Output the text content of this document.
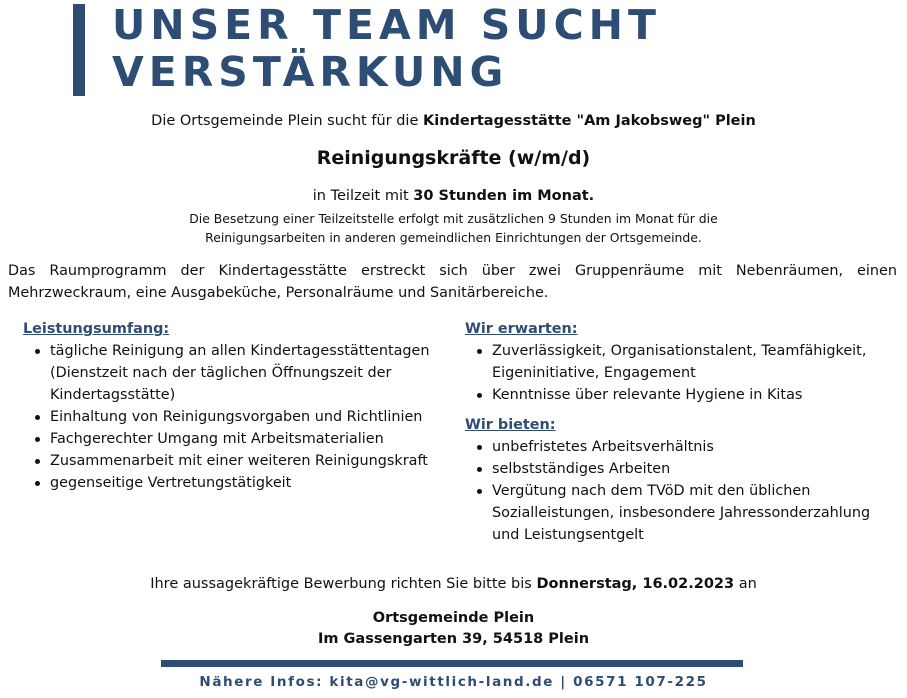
UNSER TEAM SUCHT
VERSTÄRKUNG
Die Ortsgemeinde Plein sucht für die Kindertagesstätte "Am Jakobsweg" Plein
Reinigungskräfte (w/m/d)
in Teilzeit mit 30 Stunden im Monat.
Die Besetzung einer Teilzeitstelle erfolgt mit zusätzlichen 9 Stunden im Monat für die
Reinigungsarbeiten in anderen gemeindlichen Einrichtungen der Ortsgemeinde.

Das Raumprogramm der Kindertagesstätte erstreckt sich über zwei Gruppenräume mit Nebenräumen, einen Mehrzweckraum, eine Ausgabeküche, Personalräume und Sanitärbereiche.

Leistungsumfang:
tägliche Reinigung an allen Kindertagesstättentagen (Dienstzeit nach der täglichen Öffnungszeit der Kindertagsstätte)
Einhaltung von Reinigungsvorgaben und Richtlinien
Fachgerechter Umgang mit Arbeitsmaterialien
Zusammenarbeit mit einer weiteren Reinigungskraft
gegenseitige Vertretungstätigkeit
Wir erwarten:
Zuverlässigkeit, Organisationstalent, Teamfähigkeit, Eigeninitiative, Engagement
Kenntnisse über relevante Hygiene in Kitas
Wir bieten:
unbefristetes Arbeitsverhältnis
selbstständiges Arbeiten
Vergütung nach dem TVöD mit den üblichen Sozialleistungen, insbesondere Jahressonderzahlung und Leistungsentgelt
Ihre aussagekräftige Bewerbung richten Sie bitte bis Donnerstag, 16.02.2023 an
Ortsgemeinde Plein
Im Gassengarten 39, 54518 Plein
Nähere Infos: kita@vg-wittlich-land.de | 06571 107-225
